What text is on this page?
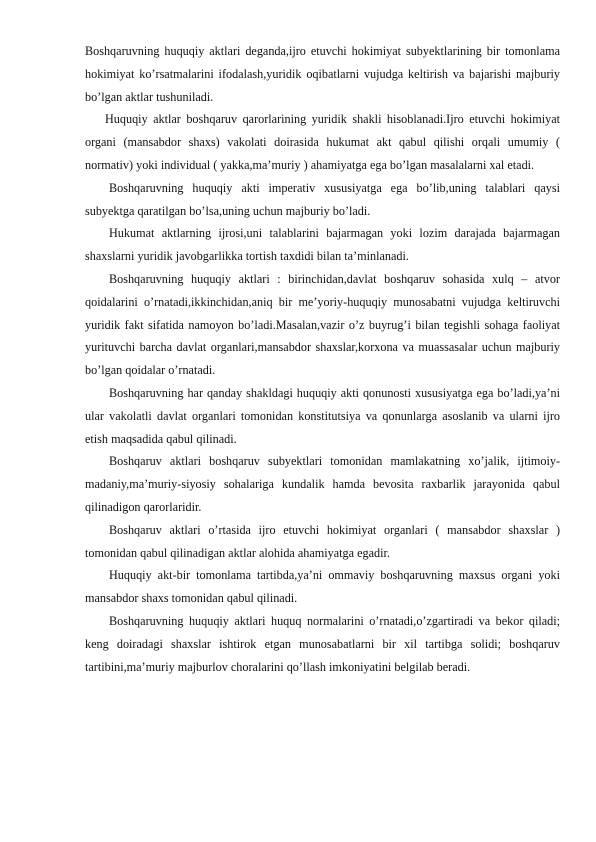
Boshqaruvning huquqiy aktlari deganda,ijro etuvchi hokimiyat subyektlarining bir tomonlama hokimiyat ko’rsatmalarini ifodalash,yuridik oqibatlarni vujudga keltirish va bajarishi majburiy bo’lgan aktlar tushuniladi.

Huquqiy aktlar boshqaruv qarorlarining yuridik shakli hisoblanadi.Ijro etuvchi hokimiyat organi (mansabdor shaxs) vakolati doirasida hukumat akt qabul qilishi orqali umumiy ( normativ) yoki individual ( yakka,ma’muriy ) ahamiyatga ega bo’lgan masalalarni xal etadi.

Boshqaruvning huquqiy akti imperativ xususiyatga ega bo’lib,uning talablari qaysi subyektga qaratilgan bo’lsa,uning uchun majburiy bo’ladi.

Hukumat aktlarning ijrosi,uni talablarini bajarmagan yoki lozim darajada bajarmagan shaxslarni yuridik javobgarlikka tortish taxdidi bilan ta’minlanadi.

Boshqaruvning huquqiy aktlari : birinchidan,davlat boshqaruv sohasida xulq – atvor qoidalarini o’rnatadi,ikkinchidan,aniq bir me’yoriy-huquqiy munosabatni vujudga keltiruvchi yuridik fakt sifatida namoyon bo’ladi.Masalan,vazir o’z buyrug’i bilan tegishli sohaga faoliyat yurituvchi barcha davlat organlari,mansabdor shaxslar,korxona va muassasalar uchun majburiy bo’lgan qoidalar o’rnatadi.

Boshqaruvning har qanday shakldagi huquqiy akti qonunosti xususiyatga ega bo’ladi,ya’ni ular vakolatli davlat organlari tomonidan konstitutsiya va qonunlarga asoslanib va ularni ijro etish maqsadida qabul qilinadi.

Boshqaruv aktlari boshqaruv subyektlari tomonidan mamlakatning xo’jalik, ijtimoiy-madaniy,ma’muriy-siyosiy sohalariga kundalik hamda bevosita raxbarlik jarayonida qabul qilinadigon qarorlaridir.

Boshqaruv aktlari o’rtasida ijro etuvchi hokimiyat organlari ( mansabdor shaxslar ) tomonidan qabul qilinadigan aktlar alohida ahamiyatga egadir.

Huquqiy akt-bir tomonlama tartibda,ya’ni ommaviy boshqaruvning maxsus organi yoki mansabdor shaxs tomonidan qabul qilinadi.

Boshqaruvning huquqiy aktlari huquq normalarini o’rnatadi,o’zgartiradi va bekor qiladi; keng doiradagi shaxslar ishtirok etgan munosabatlarni bir xil tartibga solidi; boshqaruv tartibini,ma’muriy majburlov choralarini qo’llash imkoniyatini belgilab beradi.
